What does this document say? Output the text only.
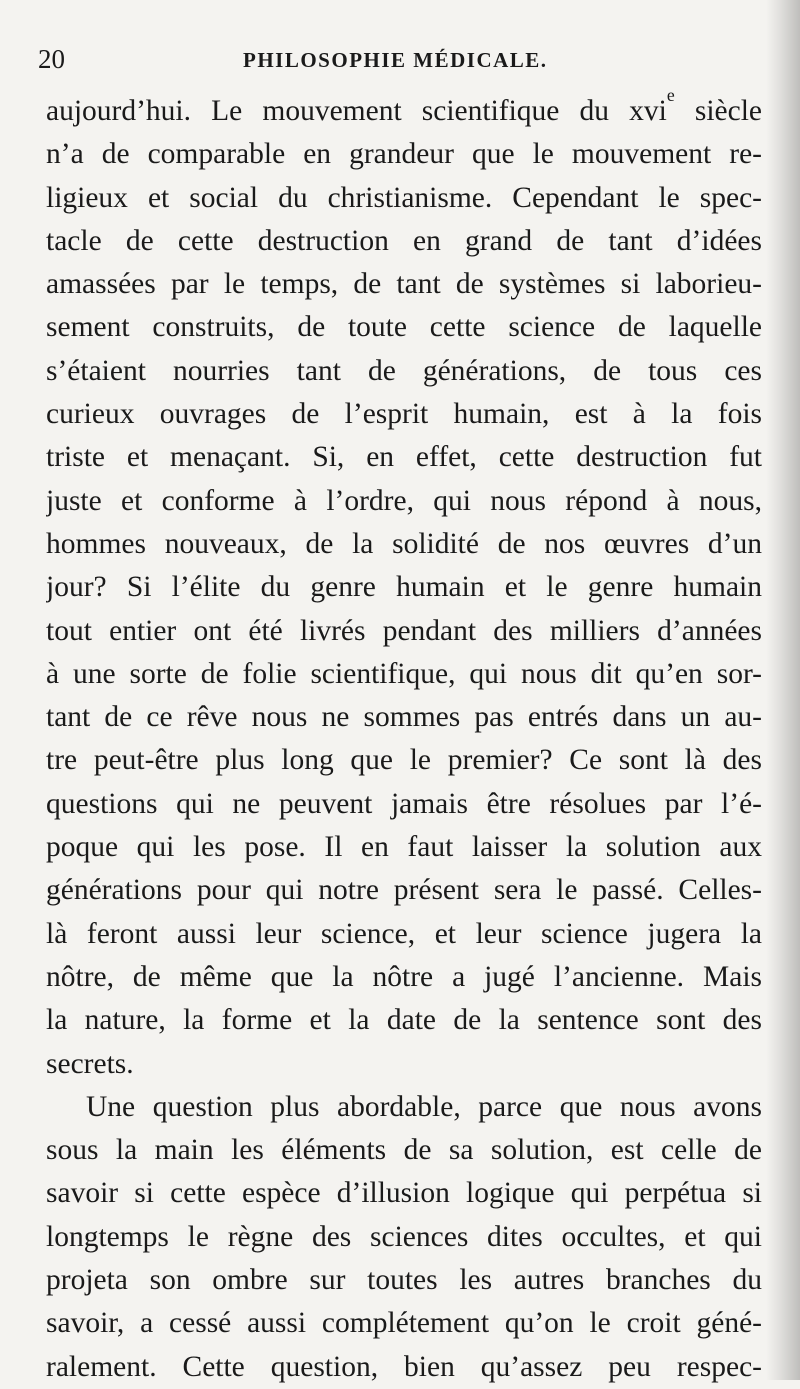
20	PHILOSOPHIE MÉDICALE.
aujourd’hui. Le mouvement scientifique du xvi$^e$ siècle
n’a de comparable en grandeur que le mouvement re-
ligieux et social du christianisme. Cependant le spec-
tacle de cette destruction en grand de tant d’idées
amassées par le temps, de tant de systèmes si laborieu-
sement construits, de toute cette science de laquelle
s’étaient nourries tant de générations, de tous ces
curieux ouvrages de l’esprit humain, est à la fois
triste et menaçant. Si, en effet, cette destruction fut
juste et conforme à l’ordre, qui nous répond à nous,
hommes nouveaux, de la solidité de nos œuvres d’un
jour? Si l’élite du genre humain et le genre humain
tout entier ont été livrés pendant des milliers d’années
à une sorte de folie scientifique, qui nous dit qu’en sor-
tant de ce rêve nous ne sommes pas entrés dans un au-
tre peut-être plus long que le premier? Ce sont là des
questions qui ne peuvent jamais être résolues par l’é-
poque qui les pose. Il en faut laisser la solution aux
générations pour qui notre présent sera le passé. Celles-
là feront aussi leur science, et leur science jugera la
nôtre, de même que la nôtre a jugé l’ancienne. Mais
la nature, la forme et la date de la sentence sont des
secrets.
Une question plus abordable, parce que nous avons
sous la main les éléments de sa solution, est celle de
savoir si cette espèce d’illusion logique qui perpétua si
longtemps le règne des sciences dites occultes, et qui
projeta son ombre sur toutes les autres branches du
savoir, a cessé aussi complétement qu’on le croit géné-
ralement. Cette question, bien qu’assez peu respec-
